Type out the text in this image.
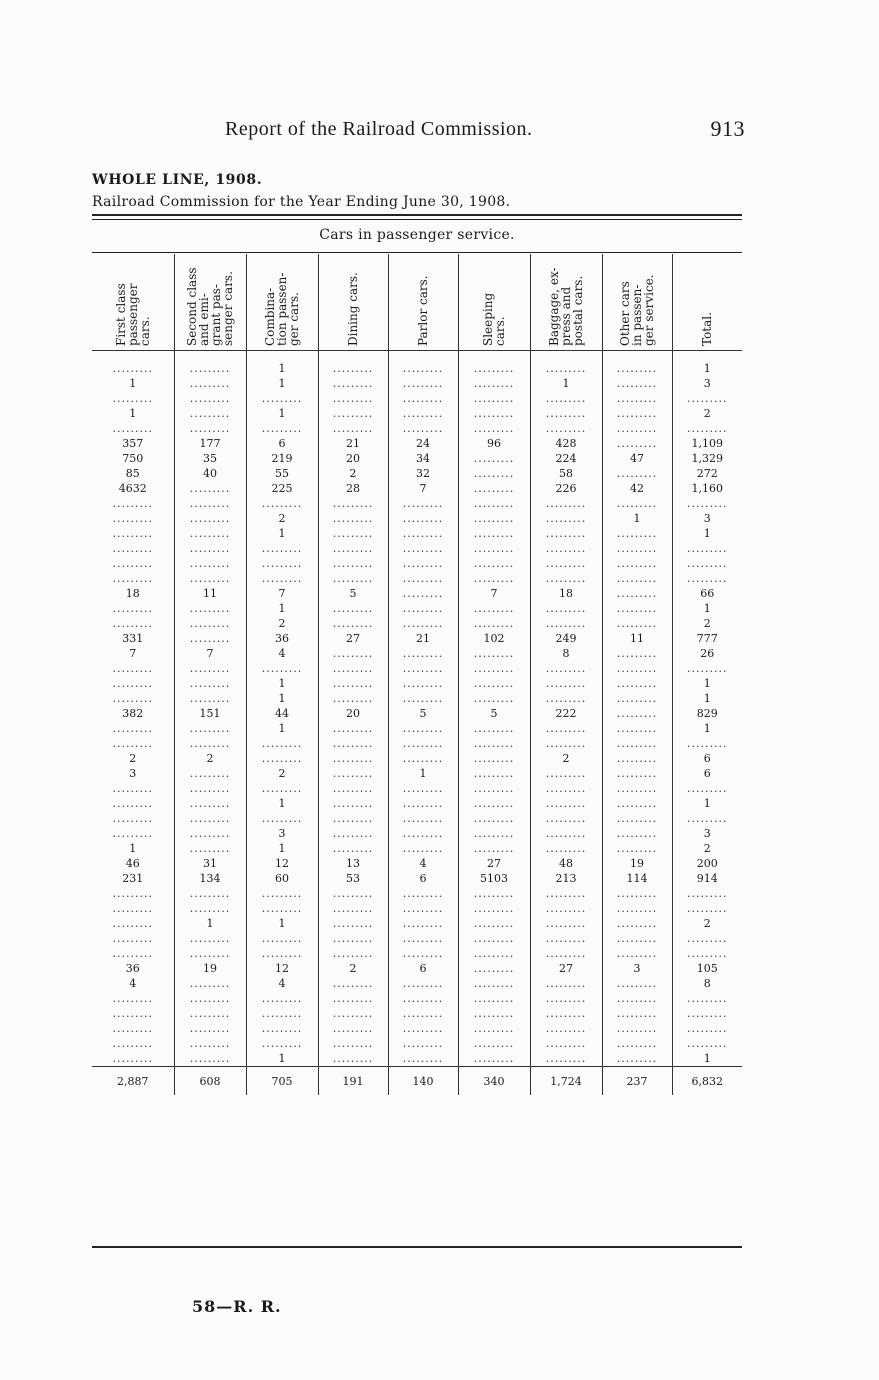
Report of the Railroad Commission.	913
WHOLE LINE, 1908.
Railroad Commission for the Year Ending June 30, 1908.
Cars in passenger service.
First class
passenger
cars.	Second class
and emi-
grant pas-
senger cars.	Combina-
tion passen-
ger cars.	Dining cars.	Parlor cars.	Sleeping
cars.	Baggage, ex-
press and
postal cars.	Other cars
in passen-
ger service.	Total.

.........	.........	1	.........	.........	.........	.........	.........	1
1	.........	1	.........	.........	.........	1	.........	3
.........	.........	.........	.........	.........	.........	.........	.........	.........
1	.........	1	.........	.........	.........	.........	.........	2
.........	.........	.........	.........	.........	.........	.........	.........	.........
357	177	6	21	24	96	428	.........	1,109
750	35	219	20	34	.........	224	47	1,329
85	40	55	2	32	.........	58	.........	272
4632	.........	225	28	7	.........	226	42	1,160
.........	.........	.........	.........	.........	.........	.........	.........	.........
.........	.........	2	.........	.........	.........	.........	1	3
.........	.........	1	.........	.........	.........	.........	.........	1
.........	.........	.........	.........	.........	.........	.........	.........	.........
.........	.........	.........	.........	.........	.........	.........	.........	.........
.........	.........	.........	.........	.........	.........	.........	.........	.........
18	11	7	5	.........	7	18	.........	66
.........	.........	1	.........	.........	.........	.........	.........	1
.........	.........	2	.........	.........	.........	.........	.........	2
331	.........	36	27	21	102	249	11	777
7	7	4	.........	.........	.........	8	.........	26
.........	.........	.........	.........	.........	.........	.........	.........	.........
.........	.........	1	.........	.........	.........	.........	.........	1
.........	.........	1	.........	.........	.........	.........	.........	1
382	151	44	20	5	5	222	.........	829
.........	.........	1	.........	.........	.........	.........	.........	1
.........	.........	.........	.........	.........	.........	.........	.........	.........
2	2	.........	.........	.........	.........	2	.........	6
3	.........	2	.........	1	.........	.........	.........	6
.........	.........	.........	.........	.........	.........	.........	.........	.........
.........	.........	1	.........	.........	.........	.........	.........	1
.........	.........	.........	.........	.........	.........	.........	.........	.........
.........	.........	3	.........	.........	.........	.........	.........	3
1	.........	1	.........	.........	.........	.........	.........	2
46	31	12	13	4	27	48	19	200
231	134	60	53	6	5103	213	114	914
.........	.........	.........	.........	.........	.........	.........	.........	.........
.........	.........	.........	.........	.........	.........	.........	.........	.........
.........	1	1	.........	.........	.........	.........	.........	2
.........	.........	.........	.........	.........	.........	.........	.........	.........
.........	.........	.........	.........	.........	.........	.........	.........	.........
36	19	12	2	6	.........	27	3	105
4	.........	4	.........	.........	.........	.........	.........	8
.........	.........	.........	.........	.........	.........	.........	.........	.........
.........	.........	.........	.........	.........	.........	.........	.........	.........
.........	.........	.........	.........	.........	.........	.........	.........	.........
.........	.........	.........	.........	.........	.........	.........	.........	.........
.........	.........	1	.........	.........	.........	.........	.........	1
2,887	608	705	191	140	340	1,724	237	6,832
58—R. R.
